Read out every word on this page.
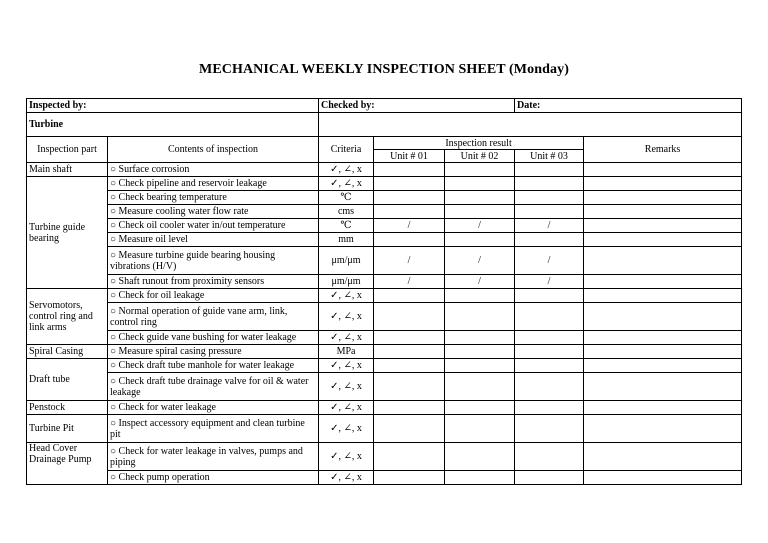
MECHANICAL WEEKLY INSPECTION SHEET (Monday)
Inspected by:		Checked by:			Date:	
Turbine						
Inspection part	Contents of inspection	Criteria	Inspection result			Remarks
			Unit # 01	Unit # 02	Unit # 03	
Main shaft	○ Surface corrosion	✓, ∠, x				
Turbine guide bearing	○ Check pipeline and reservoir leakage	✓, ∠, x				
	○ Check bearing temperature	℃				
	○ Measure cooling water flow rate	cms				
	○ Check oil cooler water in/out temperature	℃	/	/	/	
	○ Measure oil level	mm				
	○ Measure turbine guide bearing housing vibrations (H/V)	μm/μm	/	/	/	
	○ Shaft runout from proximity sensors	μm/μm	/	/	/	
Servomotors, control ring and link arms	○ Check for oil leakage	✓, ∠, x				
	○ Normal operation of guide vane arm, link, control ring	✓, ∠, x				
	○ Check guide vane bushing for water leakage	✓, ∠, x				
Spiral Casing	○ Measure spiral casing pressure	MPa				
Draft tube	○ Check draft tube manhole for water leakage	✓, ∠, x				
	○ Check draft tube drainage valve for oil & water leakage	✓, ∠, x				
Penstock	○ Check for water leakage	✓, ∠, x				
Turbine Pit	○ Inspect accessory equipment and clean turbine pit	✓, ∠, x				
Head Cover Drainage Pump	○ Check for water leakage in valves, pumps and piping	✓, ∠, x				
	○ Check pump operation	✓, ∠, x				
